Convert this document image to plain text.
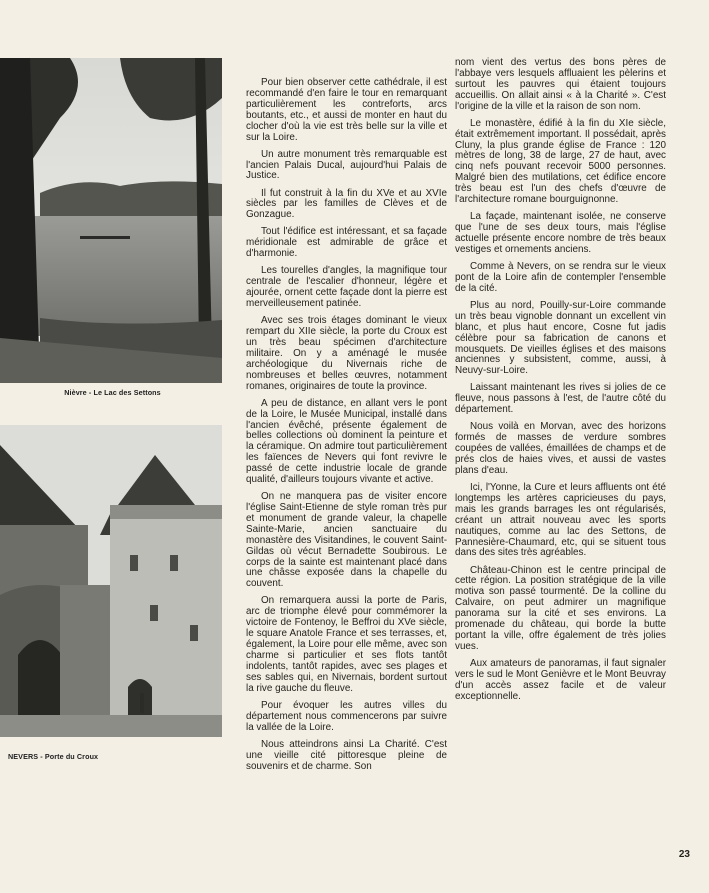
Nièvre - Le Lac des Settons
NEVERS - Porte du Croux

Pour bien observer cette cathédrale, il est recommandé d'en faire le tour en remarquant particulièrement les contreforts, arcs boutants, etc., et aussi de monter en haut du clocher d'où la vie est très belle sur la ville et sur la Loire.

Un autre monument très remarquable est l'ancien Palais Ducal, aujourd'hui Palais de Justice.

Il fut construit à la fin du XVe et au XVIe siècles par les familles de Clèves et de Gonzague.

Tout l'édifice est intéressant, et sa façade méridionale est admirable de grâce et d'harmonie.

Les tourelles d'angles, la magnifique tour centrale de l'escalier d'honneur, légère et ajourée, ornent cette façade dont la pierre est merveilleusement patinée.

Avec ses trois étages dominant le vieux rempart du XIIe siècle, la porte du Croux est un très beau spécimen d'architecture militaire. On y a aménagé le musée archéologique du Nivernais riche de nombreuses et belles œuvres, notamment romanes, originaires de toute la province.

A peu de distance, en allant vers le pont de la Loire, le Musée Municipal, installé dans l'ancien évêché, présente également de belles collections où dominent la peinture et la céramique. On admire tout particulièrement les faïences de Nevers qui font revivre le passé de cette industrie locale de grande qualité, d'ailleurs toujours vivante et active.

On ne manquera pas de visiter encore l'église Saint-Etienne de style roman très pur et monument de grande valeur, la chapelle Sainte-Marie, ancien sanctuaire du monastère des Visitandines, le couvent Saint-Gildas où vécut Bernadette Soubirous. Le corps de la sainte est maintenant placé dans une châsse exposée dans la chapelle du couvent.

On remarquera aussi la porte de Paris, arc de triomphe élevé pour commémorer la victoire de Fontenoy, le Beffroi du XVe siècle, le square Anatole France et ses terrasses, et, également, la Loire pour elle même, avec son charme si particulier et ses flots tantôt indolents, tantôt rapides, avec ses plages et ses sables qui, en Nivernais, bordent surtout la rive gauche du fleuve.

Pour évoquer les autres villes du département nous commencerons par suivre la vallée de la Loire.

Nous atteindrons ainsi La Charité. C'est une vieille cité pittoresque pleine de souvenirs et de charme. Son

nom vient des vertus des bons pères de l'abbaye vers lesquels affluaient les pèlerins et surtout les pauvres qui étaient toujours accueillis. On allait ainsi « à la Charité ». C'est l'origine de la ville et la raison de son nom.

Le monastère, édifié à la fin du XIe siècle, était extrêmement important. Il possédait, après Cluny, la plus grande église de France : 120 mètres de long, 38 de large, 27 de haut, avec cinq nefs pouvant recevoir 5000 personnes. Malgré bien des mutilations, cet édifice encore très beau est l'un des chefs d'œuvre de l'architecture romane bourguignonne.

La façade, maintenant isolée, ne conserve que l'une de ses deux tours, mais l'église actuelle présente encore nombre de très beaux vestiges et ornements anciens.

Comme à Nevers, on se rendra sur le vieux pont de la Loire afin de contempler l'ensemble de la cité.

Plus au nord, Pouilly-sur-Loire commande un très beau vignoble donnant un excellent vin blanc, et plus haut encore, Cosne fut jadis célèbre pour sa fabrication de canons et mousquets. De vieilles églises et des maisons anciennes y subsistent, comme, aussi, à Neuvy-sur-Loire.

Laissant maintenant les rives si jolies de ce fleuve, nous passons à l'est, de l'autre côté du département.

Nous voilà en Morvan, avec des horizons formés de masses de verdure sombres coupées de vallées, émaillées de champs et de prés clos de haies vives, et aussi de vastes plans d'eau.

Ici, l'Yonne, la Cure et leurs affluents ont été longtemps les artères capricieuses du pays, mais les grands barrages les ont régularisés, créant un attrait nouveau avec les sports nautiques, comme au lac des Settons, de Pannesière-Chaumard, etc, qui se situent tous dans des sites très agréables.

Château-Chinon est le centre principal de cette région. La position stratégique de la ville motiva son passé tourmenté. De la colline du Calvaire, on peut admirer un magnifique panorama sur la cité et ses environs. La promenade du château, qui borde la butte portant la ville, offre également de très jolies vues.

Aux amateurs de panoramas, il faut signaler vers le sud le Mont Genièvre et le Mont Beuvray d'un accès assez facile et de valeur exceptionnelle.

23
